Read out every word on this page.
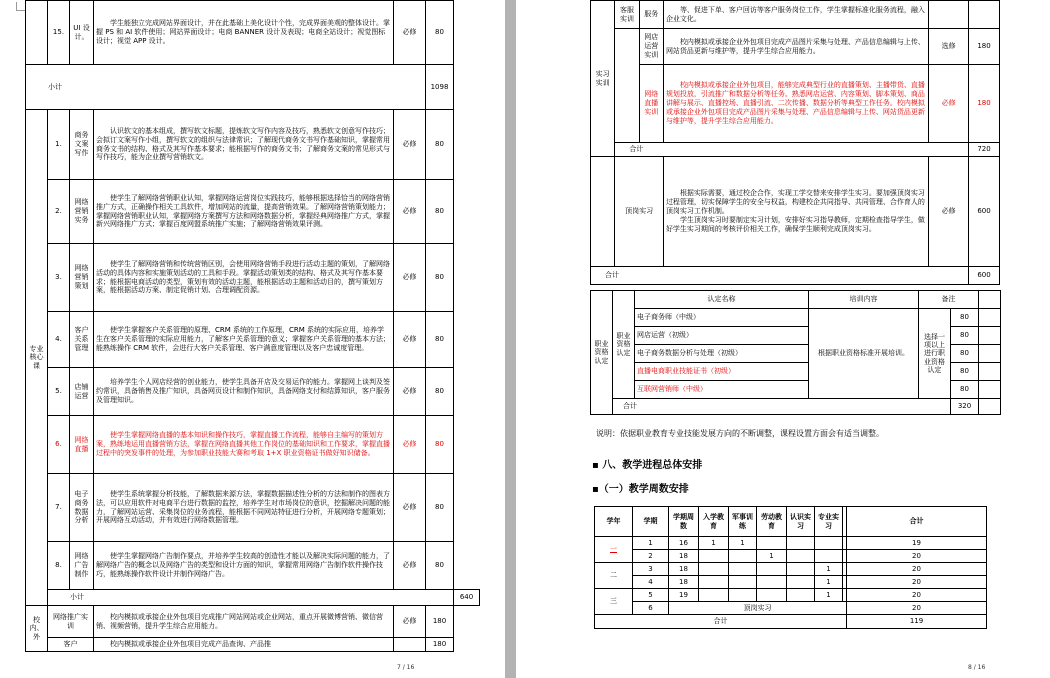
	15.	UI 设计。	学生能独立完成网站界面设计，并在此基础上美化设计个性，完成界面美观的整体设计。掌握 PS 和 AI 软件使用；网站界面设计；电商 BANNER 设计及表现；电商全站设计；视觉图标设计；视觉 APP 设计。	必修	80	
小计					1098	

专业核心课	1.	商务文案写作	认识软文的基本组成，撰写软文标题，提炼软文写作内容及技巧，熟悉软文创意写作技巧；会拟订文案写作小组，撰写软文的组织与法律常识；了解现代商务文书写作基础知识，掌握常用商务文书的结构、格式及其写作基本要求；能根据写作的商务文书；了解商务文案的常见形式与写作技巧，能为企业撰写营销软文。	必修	80	
	2.	网络营销实务	使学生了解网络营销职业认知，掌握网络运营岗位实践技巧，能够根据选择恰当的网络营销推广方式，正确操作相关工具软件，增加网站的流量，提高营销效果。了解网络营销策划能力；掌握网络营销职业认知，掌握网络方案撰写方法和网络数据分析，掌握经典网络推广方式，掌握新兴网络推广方式；掌握百度网盟系统推广实施；了解网络营销效果评测。	必修	80	
	3.	网络营销策划	使学生了解网络营销和传统营销区别，会使用网络营销手段进行活动主题的策划，了解网络活动的具体内容和实施策划活动的工具和手段。掌握活动策划类的结构、格式及其写作基本要求；能根据电商活动的类型，策划有效的活动主题，能根据活动主题和活动目的，撰写策划方案，能根据活动方案、制定促销计划、合理调配资源。	必修	80	
	4.	客户关系管理	使学生掌握客户关系管理的原理、CRM 系统的工作原理，CRM 系统的实际应用，培养学生在客户关系管理的实际应用能力，了解客户关系管理的意义；掌握客户关系管理的基本方法；能熟练操作 CRM 软件，会进行大客户关系管理、客户满意度管理以及客户忠诚度管理。	必修	80	
	5.	店铺运营	培养学生个人网店经营的创业能力，使学生具备开店及交易运作的能力。掌握网上谈判及签约常识，具备销售及推广知识，具备网页设计和制作知识，具备网络支付和结算知识，客户服务及管理知识。	必修	80	
	6.	网络直播	使学生掌握网络直播的基本知识和操作技巧，掌握直播工作流程，能够自主编写的策划方案，熟练地运用直播营销方法，掌握在网络直播其他工作岗位的基础知识和工作要求，掌握直播过程中的突发事件的处理，为参加职业技能大赛和考取 1+X 职业资格证书做好知识储备。	必修	80	
	7.	电子商务数据分析	使学生系统掌握分析技能，了解数据来源方法，掌握数据描述性分析的方法和制作的图表方法，可以应用软件对电商平台进行数据的监控，培养学生对市场岗位的意识，挖掘解决问题的能力，了解网站运营、采集岗位的业务流程，能根据不同网站特征进行分析，开展网络专题策划；开展网络互动活动，并有效进行网络数据管理。	必修	80	
	8.	网络广告制作	使学生掌握网络广告制作要点，并培养学生较高的创造性才能以及解决实际问题的能力，了解网络广告的概念以及网络广告的类型和设计方面的知识，掌握常用网络广告制作软件操作技巧，能熟练操作软件设计并制作网络广告。	必修	80	
	小计					640
校内、外	网络推广实训		校内模拟或承接企业外包项目完成推广网站网站或企业网站，重点开展微博营销、微信营销、视频营销，提升学生综合应用能力。	必修	180	
	客户		校内模拟或承接企业外包项目完成产品查询、产品推		180	
7 / 16
实习实训	客服实训	服务	等、促进下单、客户回访等客户服务岗位工作，学生掌握标准化服务流程，融入企业文化。		
		网店运营实训	校内模拟或承接企业外包项目完成产品图片采集与处理、产品信息编辑与上传、网站货品更新与维护等，提升学生综合应用能力。	选修	180
		网络直播实训	校内模拟或承接企业外包项目，能够完成典型行业的直播策划、主播带货、直播规划投放，引流推广和数据分析等任务。熟悉网店运营、内容策划、脚本策划、商品讲解与展示、直播控场、直播引流、二次传播、数据分析等典型工作任务。校内模拟或承接企业外包项目完成产品图片采集与处理、产品信息编辑与上传、网站货品更新与维护等，提升学生综合应用能力。	必修	180
	合计				720
	顶岗实习		根据实际需要，通过校企合作，实现工学交替来安排学生实习。要加强顶岗实习过程管理，切实保障学生的安全与权益，构建校企共同指导、共同管理、合作育人的顶岗实习工作机制。
学生顶岗实习时要制定实习计划，安排好实习指导教师，定期检查指导学生，做好学生实习期间的考核评价相关工作，确保学生顺利完成顶岗实习。	必修	600
合计					600
职业资格认定	职业资格认定	认定名称	培训内容	备注		
		电子商务师（中级）	根据职业资格标准开展培训。	选择一项以上进行职业资格认定	80	
		网店运营（初级）			80	
		电子商务数据分析与处理（初级）			80	
		直播电商职业技能证书（初级）			80	
		互联网营销师（中级）			80	
	合计				320	
说明：依据职业教育专业技能发展方向的不断调整，课程设置方面会有适当调整。
▪ 八、教学进程总体安排
▪（一）教学周数安排
学年	学期	学期周数	入学教育	军事训练	劳动教育	认识实习	专业实习		合计
一	1	16	1	1					19
	2	18			1				20
二	3	18					1		20
	4	18					1		20
三	5	19					1		20
	6	顶岗实习							20
合计									119
8 / 16
